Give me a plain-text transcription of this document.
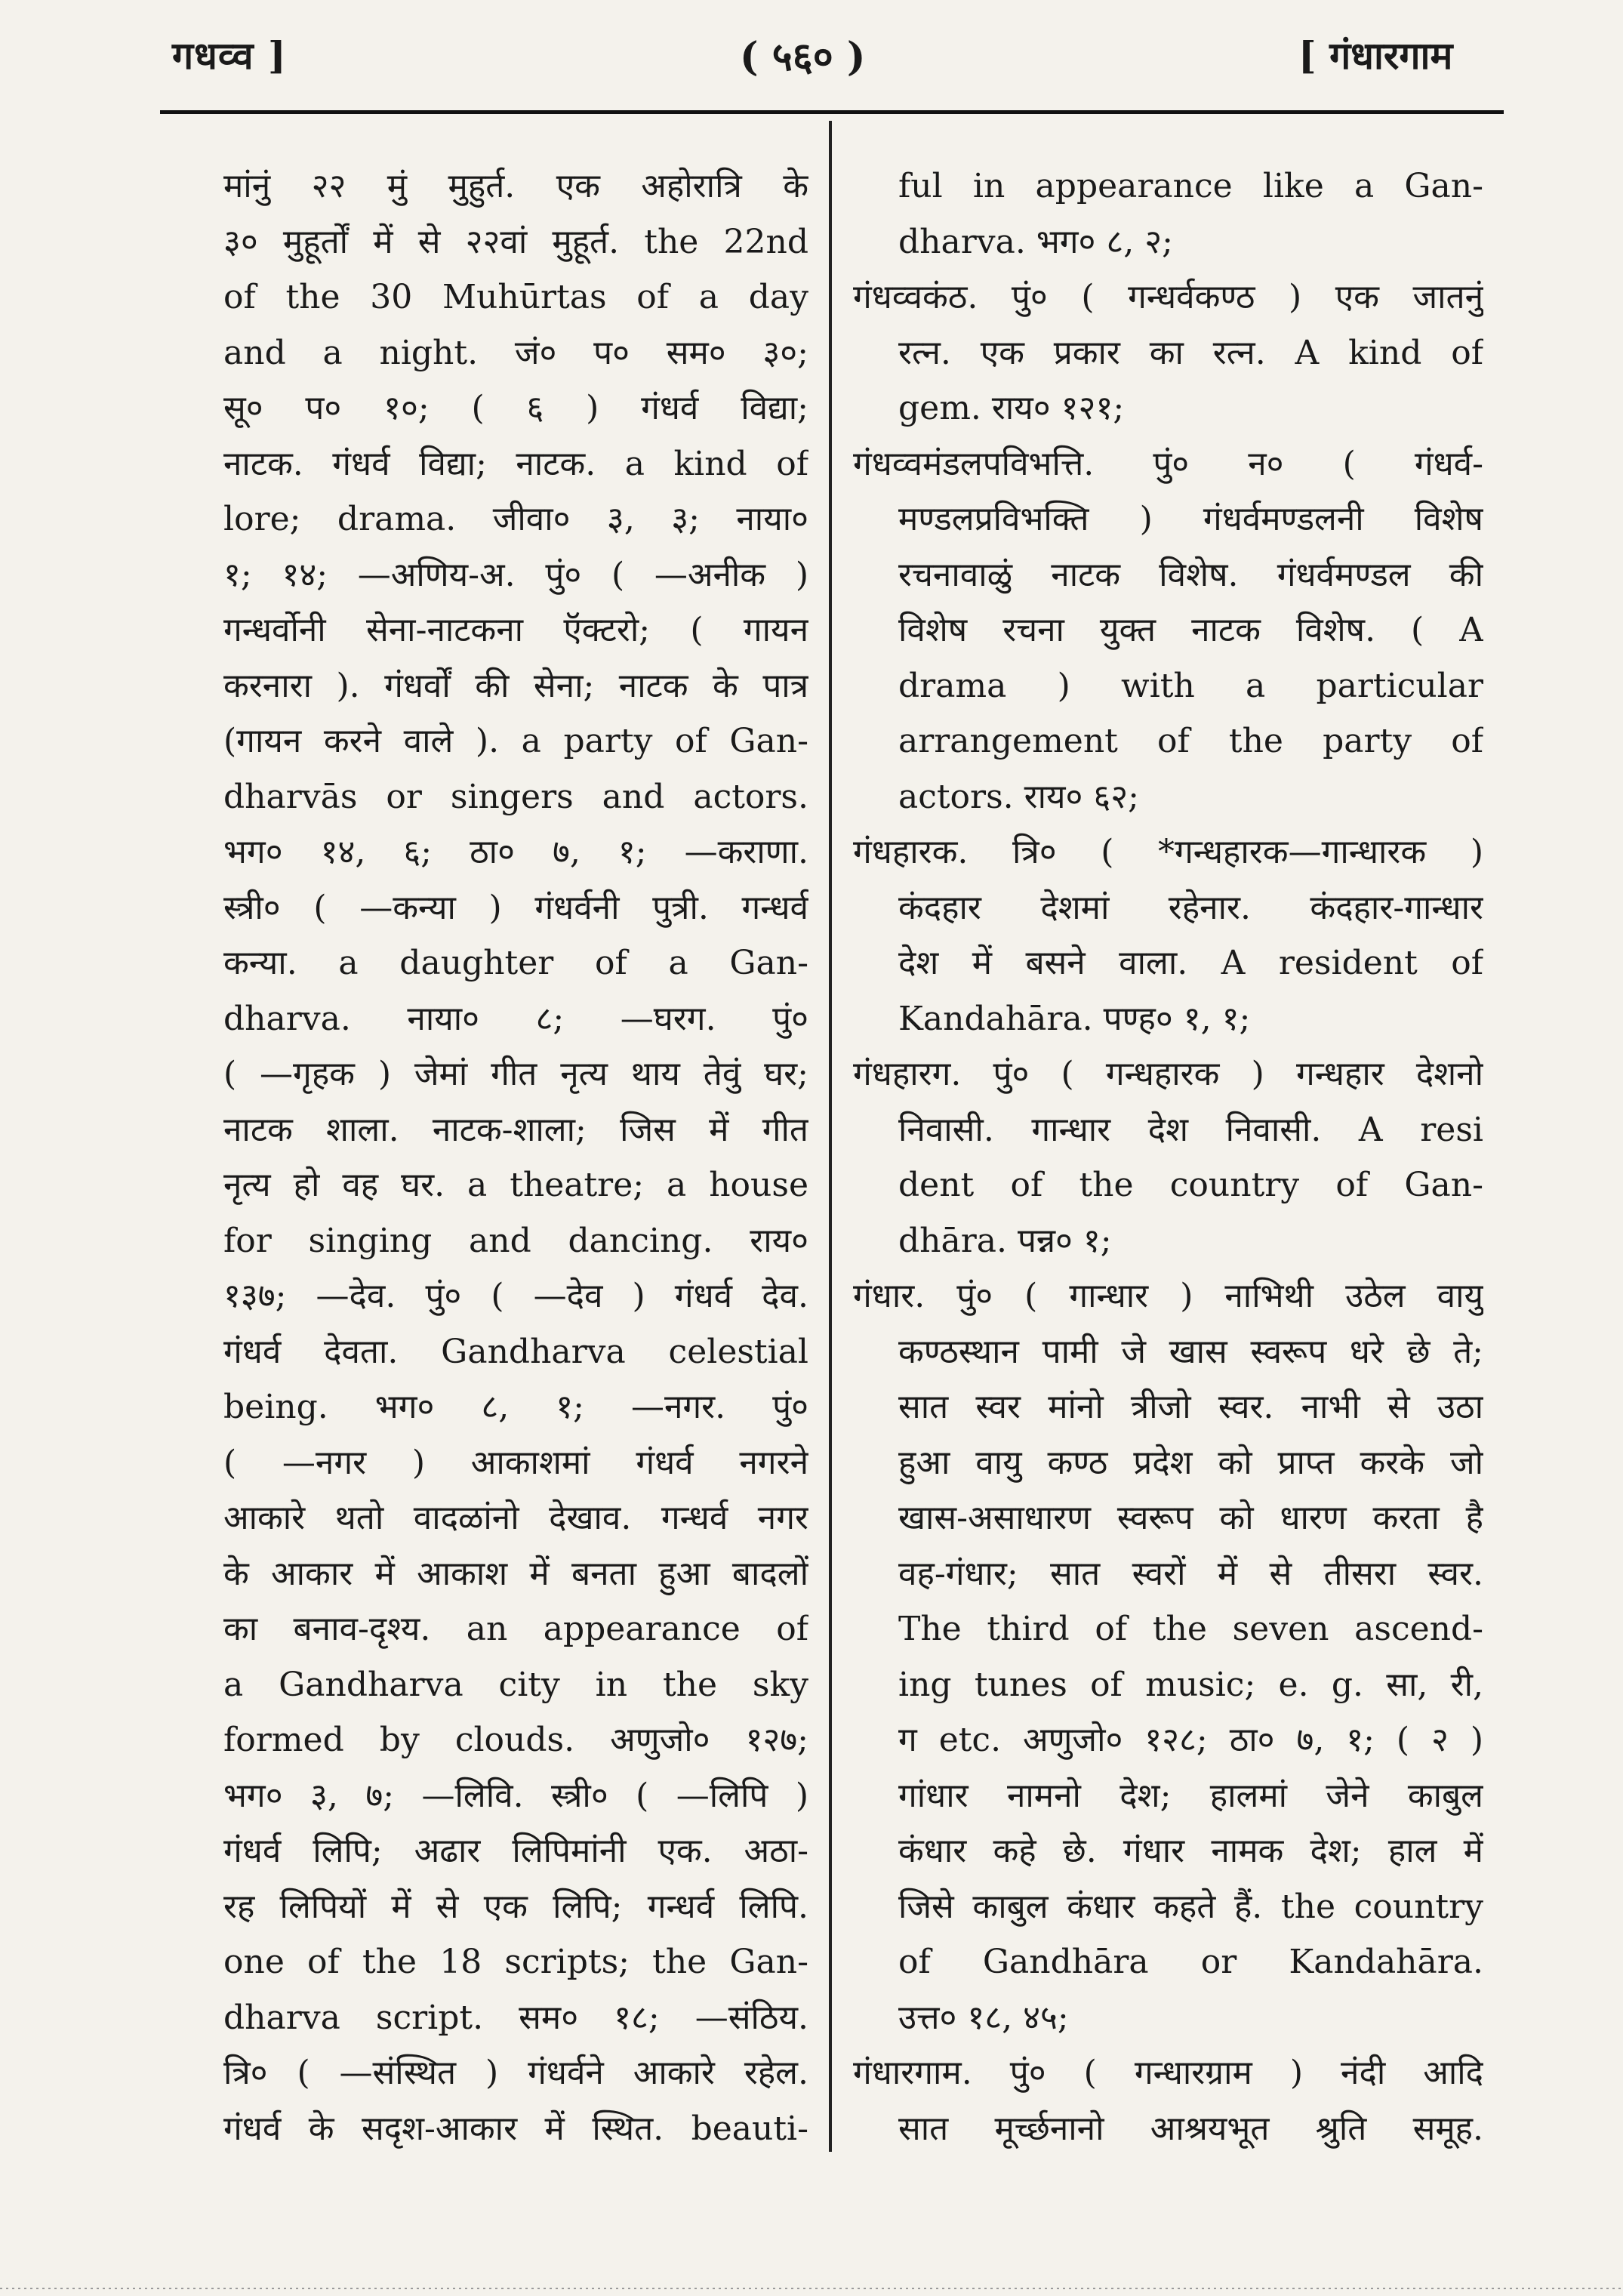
गधव्व ]	( ५६० )	[ गंधारगाम
मांनुं २२ मुं मुहुर्त. एक अहोरात्रि के
३० मुहूर्तों में से २२वां मुहूर्त. the 22nd
of the 30 Muhūrtas of a day
and a night. जं० प० सम० ३०;
सू० प० १०; ( ६ ) गंधर्व विद्या;
नाटक. गंधर्व विद्या; नाटक. a kind of
lore; drama. जीवा० ३, ३; नाया०
१; १४; —अणिय-अ. पुं० ( —अनीक )
गन्धर्वोनी सेना-नाटकना ऍक्टरो; ( गायन
करनारा ). गंधर्वों की सेना; नाटक के पात्र
(गायन करने वाले ). a party of Gan-
dharvās or singers and actors.
भग० १४, ६; ठा० ७, १; —कराणा.
स्त्री० ( —कन्या ) गंधर्वनी पुत्री. गन्धर्व
कन्या. a daughter of a Gan-
dharva. नाया० ८; —घरग. पुं०
( —गृहक ) जेमां गीत नृत्य थाय तेवुं घर;
नाटक शाला. नाटक-शाला; जिस में गीत
नृत्य हो वह घर. a theatre; a house
for singing and dancing. राय०
१३७; —देव. पुं० ( —देव ) गंधर्व देव.
गंधर्व देवता. Gandharva celestial
being. भग० ८, १; —नगर. पुं०
( —नगर ) आकाशमां गंधर्व नगरने
आकारे थतो वादळांनो देखाव. गन्धर्व नगर
के आकार में आकाश में बनता हुआ बादलों
का बनाव-दृश्य. an appearance of
a Gandharva city in the sky
formed by clouds. अणुजो० १२७;
भग० ३, ७; —लिवि. स्त्री० ( —लिपि )
गंधर्व लिपि; अढार लिपिमांनी एक. अठा-
रह लिपियों में से एक लिपि; गन्धर्व लिपि.
one of the 18 scripts; the Gan-
dharva script. सम० १८; —संठिय.
त्रि० ( —संस्थित ) गंधर्वने आकारे रहेल.
गंधर्व के सदृश-आकार में स्थित. beauti-
ful in appearance like a Gan-
dharva. भग० ८, २;
गंधव्वकंठ. पुं० ( गन्धर्वकण्ठ ) एक जातनुं
रत्न. एक प्रकार का रत्न. A kind of
gem. राय० १२१;
गंधव्वमंडलपविभत्ति. पुं० न० ( गंधर्व-
मण्डलप्रविभक्ति ) गंधर्वमण्डलनी विशेष
रचनावाळुं नाटक विशेष. गंधर्वमण्डल की
विशेष रचना युक्त नाटक विशेष. ( A
drama ) with a particular
arrangement of the party of
actors. राय० ६२;
गंधहारक. त्रि० ( *गन्धहारक—गान्धारक )
कंदहार देशमां रहेनार. कंदहार-गान्धार
देश में बसने वाला. A resident of
Kandahāra. पण्ह० १, १;
गंधहारग. पुं० ( गन्धहारक ) गन्धहार देशनो
निवासी. गान्धार देश निवासी. A resi
dent of the country of Gan-
dhāra. पन्न० १;
गंधार. पुं० ( गान्धार ) नाभिथी उठेल वायु
कण्ठस्थान पामी जे खास स्वरूप धरे छे ते;
सात स्वर मांनो त्रीजो स्वर. नाभी से उठा
हुआ वायु कण्ठ प्रदेश को प्राप्त करके जो
खास-असाधारण स्वरूप को धारण करता है
वह-गंधार; सात स्वरों में से तीसरा स्वर.
The third of the seven ascend-
ing tunes of music; e. g. सा, री,
ग etc. अणुजो० १२८; ठा० ७, १; ( २ )
गांधार नामनो देश; हालमां जेने काबुल
कंधार कहे छे. गंधार नामक देश; हाल में
जिसे काबुल कंधार कहते हैं. the country
of Gandhāra or Kandahāra.
उत्त० १८, ४५;
गंधारगाम. पुं० ( गन्धारग्राम ) नंदी आदि
सात मूर्च्छनानो आश्रयभूत श्रुति समूह.
